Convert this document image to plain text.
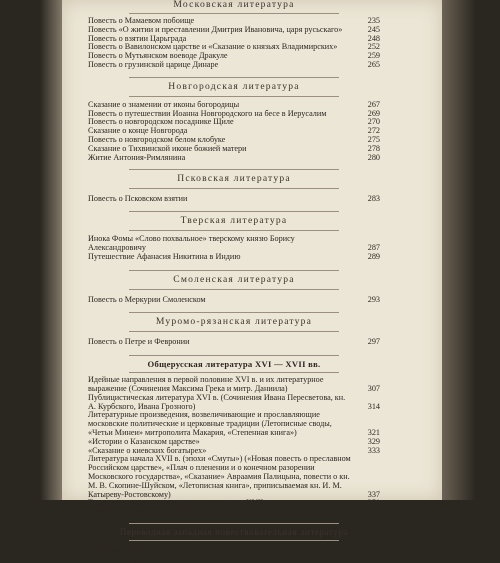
Московская литература
Повесть о Мамаевом побоище	235
Повесть «О житии и преставлении Дмитрия Ивановича, царя русьскаго»	245
Повесть о взятии Царьграда	248
Повесть о Вавилонском царстве и «Сказание о князьях Владимирских»	252
Повесть о Мутьянском воеводе Дракуле	259
Повесть о грузинской царице Динаре	265
Новгородская литература
Сказание о знамении от иконы богородицы	267
Повесть о путешествии Иоанна Новгородского на бесе в Иерусалим	269
Повесть о новгородском посаднике Щиле	270
Сказание о конце Новгорода	272
Повесть о новгородском белом клобуке	275
Сказание о Тихвинской иконе божией матери	278
Житие Антония-Римлянина	280
Псковская литература
Повесть о Псковском взятии	283
Тверская литература
Инока Фомы «Слово похвальное» тверскому князю Борису Александровичу	287
Путешествие Афанасия Никитина в Индию	289
Смоленская литература
Повесть о Меркурии Смоленском	293
Муромо-рязанская литература
Повесть о Петре и Февронии	297
Общерусская литература XVI — XVII вв.
Идейные направления в первой половине XVI в. и их литературное выражение (Сочинения Максима Грека и митр. Даниила)	307
Публицистическая литература XVI в. (Сочинения Ивана Пересветова, кн. А. Курбского, Ивана Грозного)	314
Литературные произведения, возвеличивающие и прославляющие московские политические и церковные традиции (Летописные своды, «Четьи Минеи» митрополита Макария, «Степенная книга»)	321
«Истории о Казанском царстве»	329
«Сказание о киевских богатырех»	333
Литература начала XVII в. (эпохи «Смуты») («Новая повесть о преславном Российском царстве», «Плач о пленении и о конечном разорении Московского государства», «Сказание» Авраамия Палицына, повести о кн. М. В. Скопине-Шуйском, «Летописная книга», приписываемая кн. И. М. Катыреву-Ростовскому)	337
Традиции и новизна в культуре и литературе XVII в.	351
Житие Юлиании Лазаревской	355
Переводная западная повествовательная литература
«Великое Зерцало»	363
«Повесть о Дракуле»	367
